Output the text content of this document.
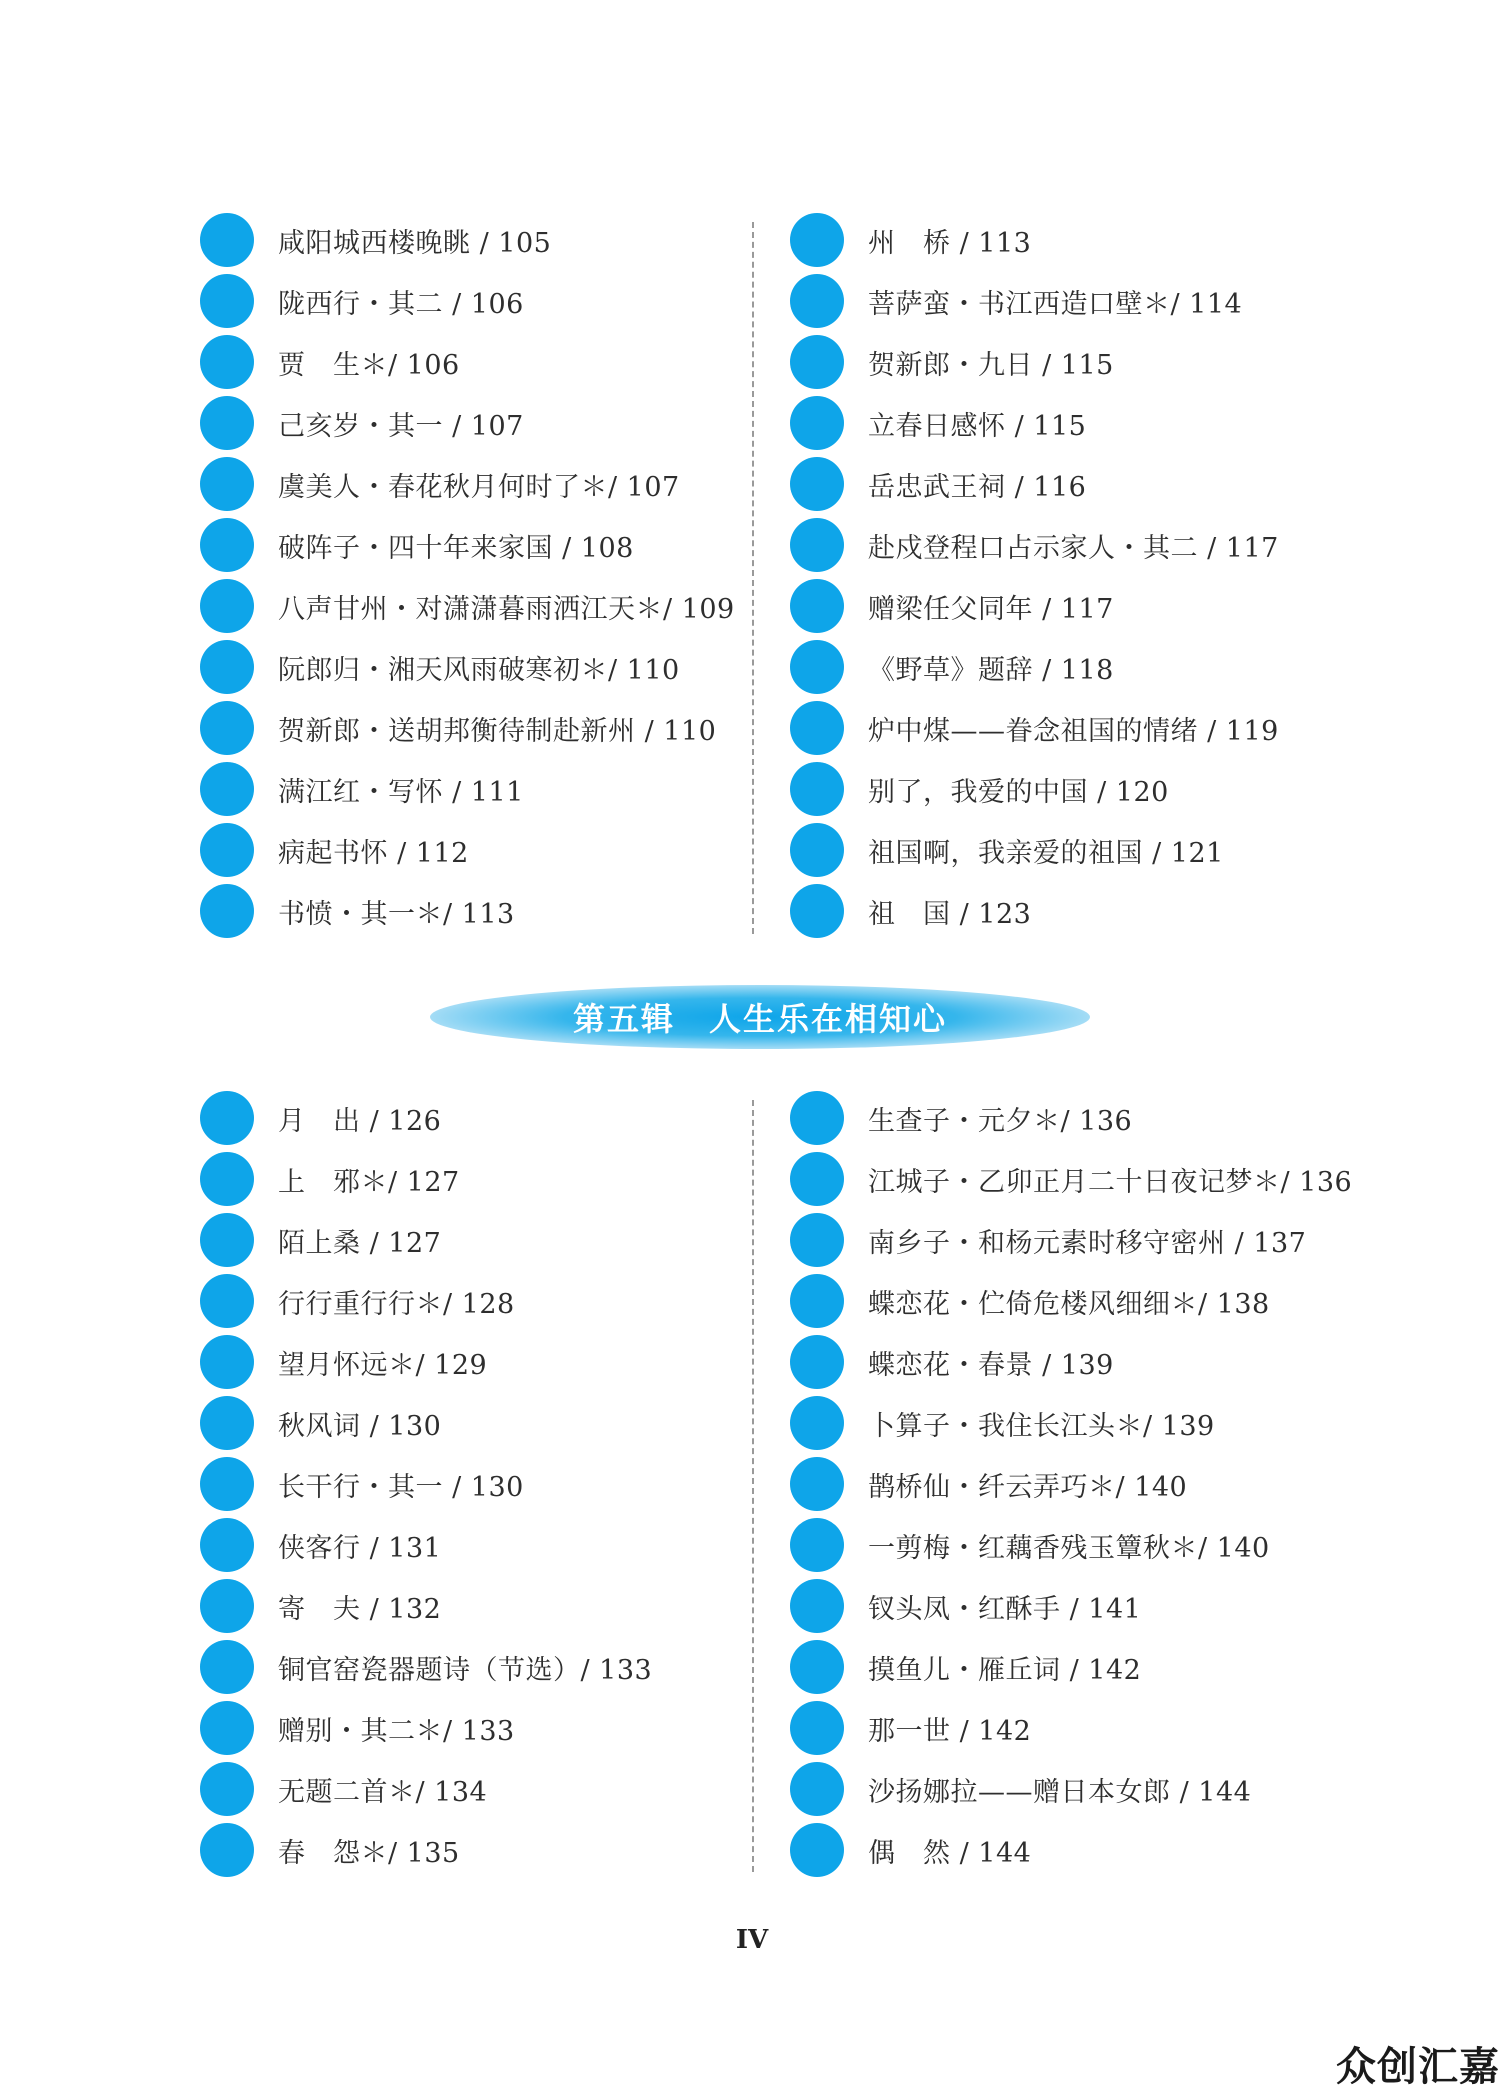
咸阳城西楼晚眺 / 105
陇西行・其二 / 106
贾　生＊/ 106
己亥岁・其一 / 107
虞美人・春花秋月何时了＊/ 107
破阵子・四十年来家国 / 108
八声甘州・对潇潇暮雨洒江天＊/ 109
阮郎归・湘天风雨破寒初＊/ 110
贺新郎・送胡邦衡待制赴新州 / 110
满江红・写怀 / 111
病起书怀 / 112
书愤・其一＊/ 113
州　桥 / 113
菩萨蛮・书江西造口壁＊/ 114
贺新郎・九日 / 115
立春日感怀 / 115
岳忠武王祠 / 116
赴戍登程口占示家人・其二 / 117
赠梁任父同年 / 117
《野草》题辞 / 118
炉中煤——眷念祖国的情绪 / 119
别了，我爱的中国 / 120
祖国啊，我亲爱的祖国 / 121
祖　国 / 123
第五辑　人生乐在相知心
月　出 / 126
上　邪＊/ 127
陌上桑 / 127
行行重行行＊/ 128
望月怀远＊/ 129
秋风词 / 130
长干行・其一 / 130
侠客行 / 131
寄　夫 / 132
铜官窑瓷器题诗（节选）/ 133
赠别・其二＊/ 133
无题二首＊/ 134
春　怨＊/ 135
生查子・元夕＊/ 136
江城子・乙卯正月二十日夜记梦＊/ 136
南乡子・和杨元素时移守密州 / 137
蝶恋花・伫倚危楼风细细＊/ 138
蝶恋花・春景 / 139
卜算子・我住长江头＊/ 139
鹊桥仙・纤云弄巧＊/ 140
一剪梅・红藕香残玉簟秋＊/ 140
钗头凤・红酥手 / 141
摸鱼儿・雁丘词 / 142
那一世 / 142
沙扬娜拉——赠日本女郎 / 144
偶　然 / 144
IV
众创汇嘉
